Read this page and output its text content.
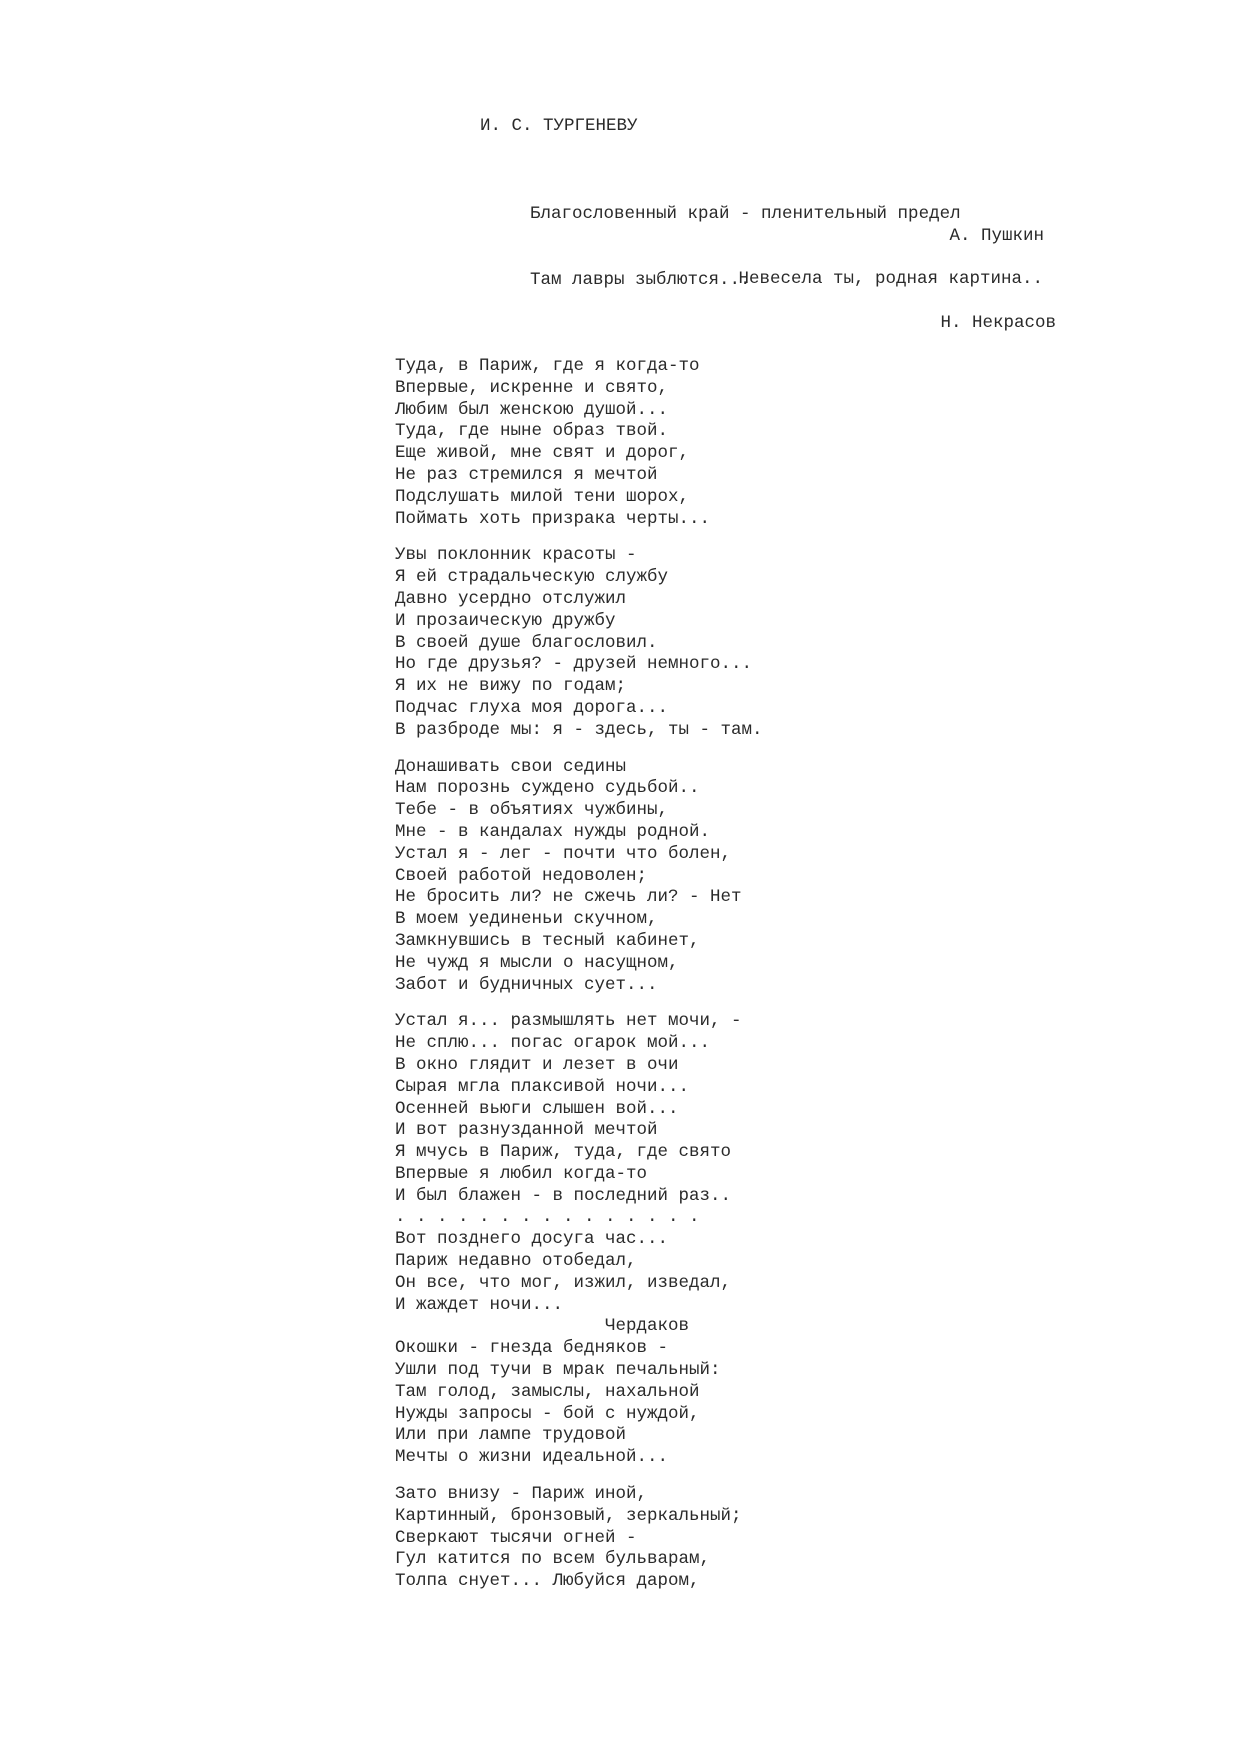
И. С. ТУРГЕНЕВУ

Благословенный край - пленительный предел

Там лавры зыблются...

А. Пушкин
Невесела ты, родная картина..
Н. Некрасов
Туда, в Париж, где я когда-то
Впервые, искренне и свято,
Любим был женскою душой...
Туда, где ныне образ твой.
Еще живой, мне свят и дорог,
Не раз стремился я мечтой
Подслушать милой тени шорох,
Поймать хоть призрака черты...
Увы поклонник красоты -
Я ей страдальческую службу
Давно усердно отслужил
И прозаическую дружбу
В своей душе благословил.
Но где друзья? - друзей немного...
Я их не вижу по годам;
Подчас глуха моя дорога...
В разброде мы: я - здесь, ты - там.
Донашивать свои седины
Нам порознь суждено судьбой..
Тебе - в объятиях чужбины,
Мне - в кандалах нужды родной.
Устал я - лег - почти что болен,
Своей работой недоволен;
Не бросить ли? не сжечь ли? - Нет
В моем уединеньи скучном,
Замкнувшись в тесный кабинет,
Не чужд я мысли о насущном,
Забот и будничных сует...
Устал я... размышлять нет мочи, -
Не сплю... погас огарок мой...
В окно глядит и лезет в очи
Сырая мгла плаксивой ночи...
Осенней вьюги слышен вой...
И вот разнузданной мечтой
Я мчусь в Париж, туда, где свято
Впервые я любил когда-то
И был блажен - в последний раз..
. . . . . . . . . . . . . . .
Вот позднего досуга час...
Париж недавно отобедал,
Он все, что мог, изжил, изведал,
И жаждет ночи...
Чердаков
Окошки - гнезда бедняков -
Ушли под тучи в мрак печальный:
Там голод, замыслы, нахальной
Нужды запросы - бой с нуждой,
Или при лампе трудовой
Мечты о жизни идеальной...
Зато внизу - Париж иной,
Картинный, бронзовый, зеркальный;
Сверкают тысячи огней -
Гул катится по всем бульварам,
Толпа снует... Любуйся даром,
